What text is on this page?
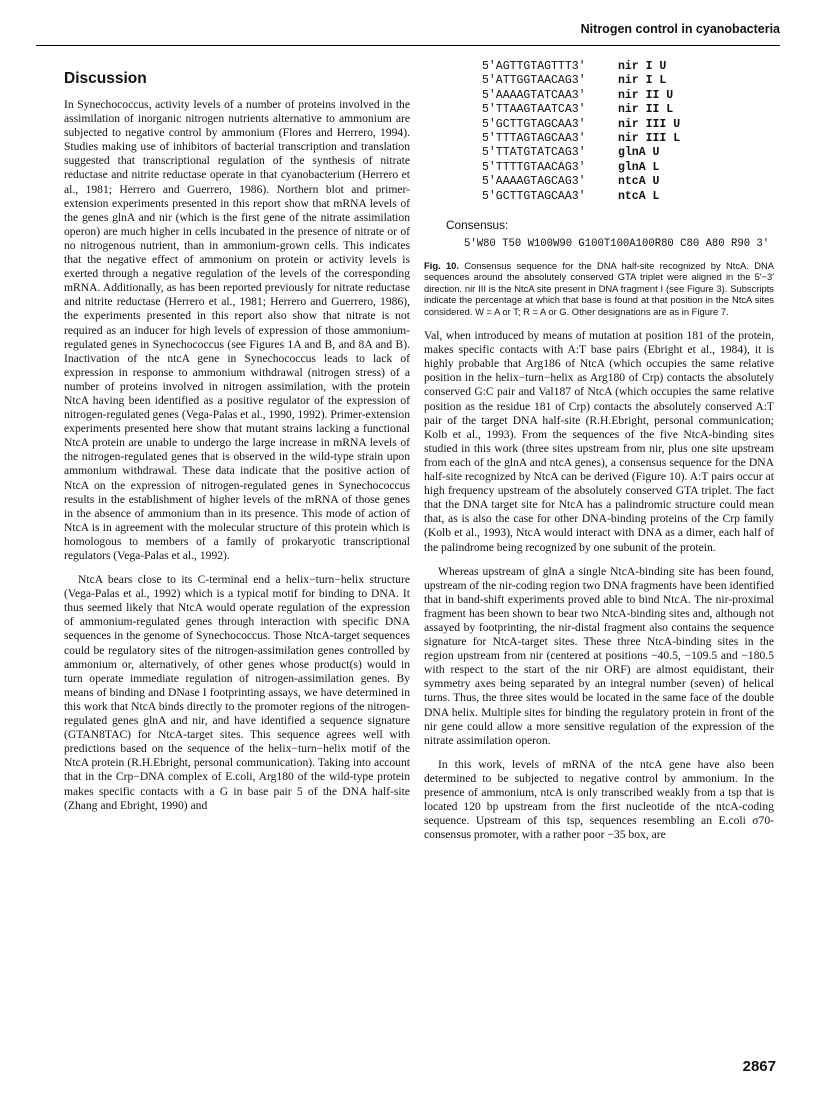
Nitrogen control in cyanobacteria
Discussion

In Synechococcus, activity levels of a number of proteins involved in the assimilation of inorganic nitrogen nutrients alternative to ammonium are subjected to negative control by ammonium (Flores and Herrero, 1994). Studies making use of inhibitors of bacterial transcription and translation suggested that transcriptional regulation of the synthesis of nitrate reductase and nitrite reductase operate in that cyanobacterium (Herrero et al., 1981; Herrero and Guerrero, 1986). Northern blot and primer-extension experiments presented in this report show that mRNA levels of the genes glnA and nir (which is the first gene of the nitrate assimilation operon) are much higher in cells incubated in the presence of nitrate or of no nitrogenous nutrient, than in ammonium-grown cells. This indicates that the negative effect of ammonium on protein or activity levels is exerted through a negative regulation of the levels of the corresponding mRNA. Additionally, as has been reported previously for nitrate reductase and nitrite reductase (Herrero et al., 1981; Herrero and Guerrero, 1986), the experiments presented in this report also show that nitrate is not required as an inducer for high levels of expression of those ammonium-regulated genes in Synechococcus (see Figures 1A and B, and 8A and B). Inactivation of the ntcA gene in Synechococcus leads to lack of expression in response to ammonium withdrawal (nitrogen stress) of a number of proteins involved in nitrogen assimilation, with the protein NtcA having been identified as a positive regulator of the expression of nitrogen-regulated genes (Vega-Palas et al., 1990, 1992). Primer-extension experiments presented here show that mutant strains lacking a functional NtcA protein are unable to undergo the large increase in mRNA levels of the nitrogen-regulated genes that is observed in the wild-type strain upon ammonium withdrawal. These data indicate that the positive action of NtcA on the expression of nitrogen-regulated genes in Synechococcus results in the establishment of higher levels of the mRNA of those genes in the absence of ammonium than in its presence. This mode of action of NtcA is in agreement with the molecular structure of this protein which is homologous to members of a family of prokaryotic transcriptional regulators (Vega-Palas et al., 1992).

NtcA bears close to its C-terminal end a helix−turn−helix structure (Vega-Palas et al., 1992) which is a typical motif for binding to DNA. It thus seemed likely that NtcA would operate regulation of the expression of ammonium-regulated genes through interaction with specific DNA sequences in the genome of Synechococcus. Those NtcA-target sequences could be regulatory sites of the nitrogen-assimilation genes controlled by ammonium or, alternatively, of other genes whose product(s) would in turn operate immediate regulation of nitrogen-assimilation genes. By means of binding and DNase I footprinting assays, we have determined in this work that NtcA binds directly to the promoter regions of the nitrogen-regulated genes glnA and nir, and have identified a sequence signature (GTAN8TAC) for NtcA-target sites. This sequence agrees well with predictions based on the sequence of the helix−turn−helix motif of the NtcA protein (R.H.Ebright, personal communication). Taking into account that in the Crp−DNA complex of E.coli, Arg180 of the wild-type protein makes specific contacts with a G in base pair 5 of the DNA half-site (Zhang and Ebright, 1990) and

5'AGTTGTAGTTT3'	nir I U
5'ATTGGTAACAG3'	nir I L
5'AAAAGTATCAA3'	nir II U
5'TTAAGTAATCA3'	nir II L
5'GCTTGTAGCAA3'	nir III U
5'TTTAGTAGCAA3'	nir III L
5'TTATGTATCAG3'	glnA U
5'TTTTGTAACAG3'	glnA L
5'AAAAGTAGCAG3'	ntcA U
5'GCTTGTAGCAA3'	ntcA L
Consensus:
5'W80 T50 W100W90 G100T100A100R80 C80 A80 R90 3'
Fig. 10. Consensus sequence for the DNA half-site recognized by NtcA. DNA sequences around the absolutely conserved GTA triplet were aligned in the 5′−3′ direction. nir III is the NtcA site present in DNA fragment I (see Figure 3). Subscripts indicate the percentage at which that base is found at that position in the NtcA sites considered. W = A or T; R = A or G. Other designations are as in Figure 7.

Val, when introduced by means of mutation at position 181 of the protein, makes specific contacts with A:T base pairs (Ebright et al., 1984), it is highly probable that Arg186 of NtcA (which occupies the same relative position in the helix−turn−helix as Arg180 of Crp) contacts the absolutely conserved G:C pair and Val187 of NtcA (which occupies the same relative position as the residue 181 of Crp) contacts the absolutely conserved A:T pair of the target DNA half-site (R.H.Ebright, personal communication; Kolb et al., 1993). From the sequences of the five NtcA-binding sites studied in this work (three sites upstream from nir, plus one site upstream from each of the glnA and ntcA genes), a consensus sequence for the DNA half-site recognized by NtcA can be derived (Figure 10). A:T pairs occur at high frequency upstream of the absolutely conserved GTA triplet. The fact that the DNA target site for NtcA has a palindromic structure could mean that, as is also the case for other DNA-binding proteins of the Crp family (Kolb et al., 1993), NtcA would interact with DNA as a dimer, each half of the palindrome being recognized by one subunit of the protein.

Whereas upstream of glnA a single NtcA-binding site has been found, upstream of the nir-coding region two DNA fragments have been identified that in band-shift experiments proved able to bind NtcA. The nir-proximal fragment has been shown to bear two NtcA-binding sites and, although not assayed by footprinting, the nir-distal fragment also contains the sequence signature for NtcA-target sites. These three NtcA-binding sites in the region upstream from nir (centered at positions −40.5, −109.5 and −180.5 with respect to the start of the nir ORF) are almost equidistant, their symmetry axes being separated by an integral number (seven) of helical turns. Thus, the three sites would be located in the same face of the double DNA helix. Multiple sites for binding the regulatory protein in front of the nir gene could allow a more sensitive regulation of the expression of the nitrate assimilation operon.

In this work, levels of mRNA of the ntcA gene have also been determined to be subjected to negative control by ammonium. In the presence of ammonium, ntcA is only transcribed weakly from a tsp that is located 120 bp upstream from the first nucleotide of the ntcA-coding sequence. Upstream of this tsp, sequences resembling an E.coli σ70-consensus promoter, with a rather poor −35 box, are

2867
